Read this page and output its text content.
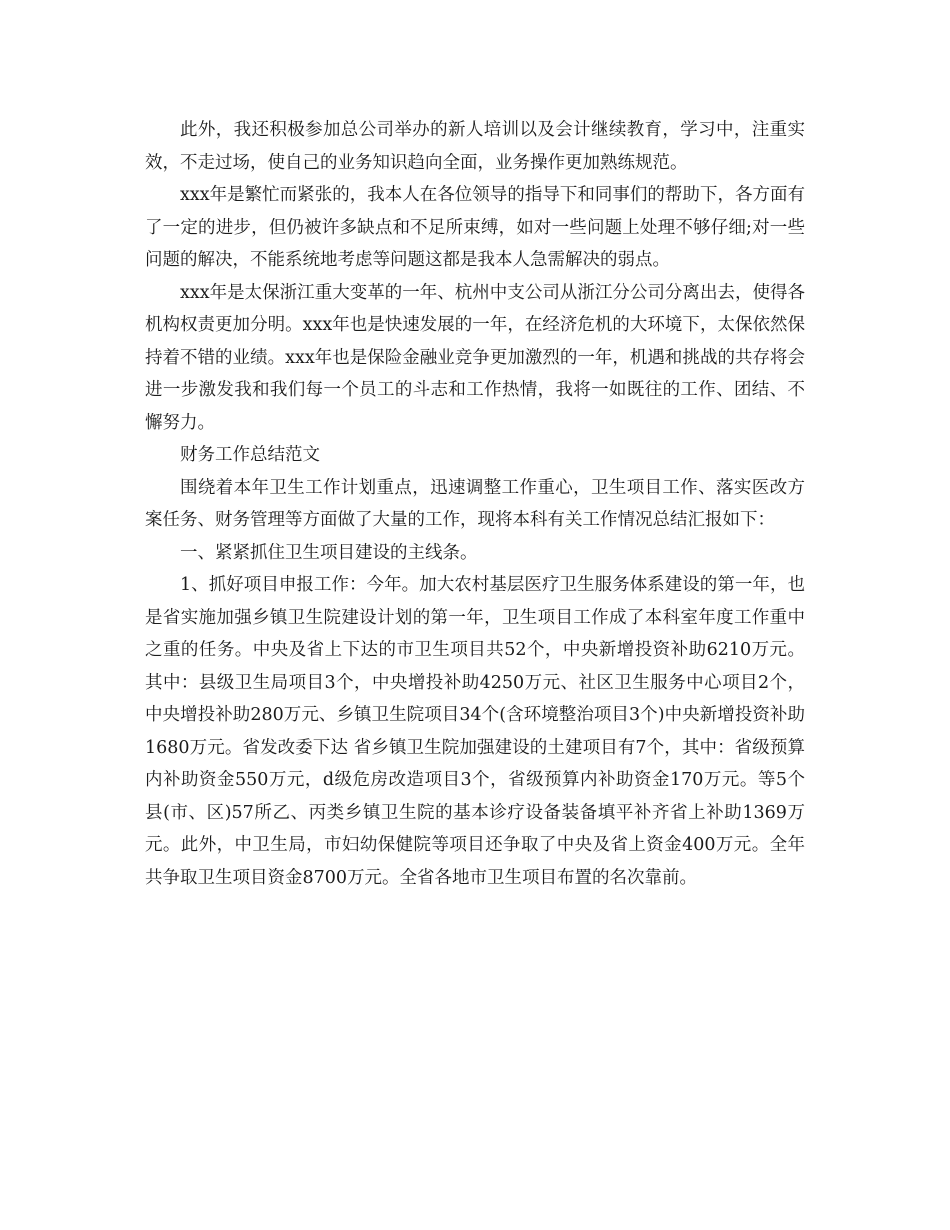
此外，我还积极参加总公司举办的新人培训以及会计继续教育，学习中，注重实效，不走过场，使自己的业务知识趋向全面，业务操作更加熟练规范。

xxx年是繁忙而紧张的，我本人在各位领导的指导下和同事们的帮助下，各方面有了一定的进步，但仍被许多缺点和不足所束缚，如对一些问题上处理不够仔细;对一些问题的解决，不能系统地考虑等问题这都是我本人急需解决的弱点。

xxx年是太保浙江重大变革的一年、杭州中支公司从浙江分公司分离出去，使得各机构权责更加分明。xxx年也是快速发展的一年，在经济危机的大环境下，太保依然保持着不错的业绩。xxx年也是保险金融业竞争更加激烈的一年，机遇和挑战的共存将会进一步激发我和我们每一个员工的斗志和工作热情，我将一如既往的工作、团结、不懈努力。

财务工作总结范文

围绕着本年卫生工作计划重点，迅速调整工作重心，卫生项目工作、落实医改方案任务、财务管理等方面做了大量的工作，现将本科有关工作情况总结汇报如下：

一、紧紧抓住卫生项目建设的主线条。

1、抓好项目申报工作：今年。加大农村基层医疗卫生服务体系建设的第一年，也是省实施加强乡镇卫生院建设计划的第一年，卫生项目工作成了本科室年度工作重中之重的任务。中央及省上下达的市卫生项目共52个，中央新增投资补助6210万元。其中：县级卫生局项目3个，中央增投补助4250万元、社区卫生服务中心项目2个，中央增投补助280万元、乡镇卫生院项目34个(含环境整治项目3个)中央新增投资补助1680万元。省发改委下达 省乡镇卫生院加强建设的土建项目有7个，其中：省级预算内补助资金550万元，d级危房改造项目3个，省级预算内补助资金170万元。等5个县(市、区)57所乙、丙类乡镇卫生院的基本诊疗设备装备填平补齐省上补助1369万元。此外，中卫生局，市妇幼保健院等项目还争取了中央及省上资金400万元。全年共争取卫生项目资金8700万元。全省各地市卫生项目布置的名次靠前。
